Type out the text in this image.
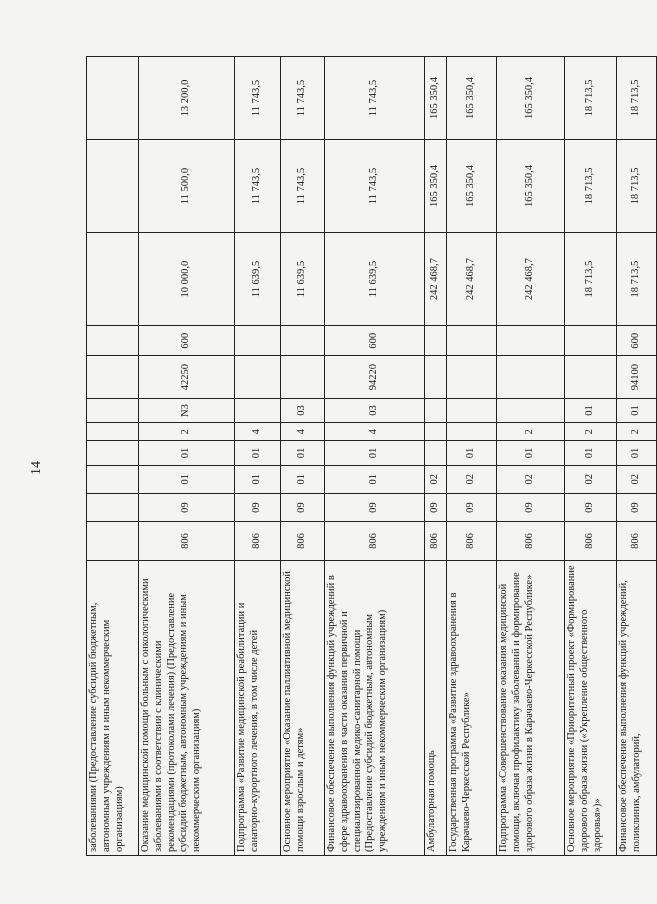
14
заболеваниями (Предоставление субсидий бюджетным, автономным учреждениям и иным некоммерческим организациям)											
Оказание медицинской помощи больным с онкологическими заболеваниями в соответствии с клиническими рекомендациями (протоколами лечения) (Предоставление субсидий бюджетным, автономным учреждениям и иным некоммерческим организациям)	806	09	01	01	2	N3	42250	600	10 000,0	11 500,0	13 200,0
Подпрограмма «Развитие медицинской реабилитации и санаторно-курортного лечения, в том числе детей	806	09	01	01	4				11 639,5	11 743,5	11 743,5
Основное мероприятие «Оказание паллиативной медицинской помощи взрослым и детям»	806	09	01	01	4	03			11 639,5	11 743,5	11 743,5
Финансовое обеспечение выполнения функций учреждений в сфере здравоохранения в части оказания первичной и специализированной медико-санитарной помощи (Предоставление субсидий бюджетным, автономным учреждениям и иным некоммерческим организациям)	806	09	01	01	4	03	94220	600	11 639,5	11 743,5	11 743,5
Амбулаторная помощь	806	09	02						242 468,7	165 350,4	165 350,4
Государственная программа «Развитие здравоохранения в Карачаево-Черкесской Республике»	806	09	02	01					242 468,7	165 350,4	165 350,4
Подпрограмма «Совершенствование оказания медицинской помощи, включая профилактику заболеваний и формирование здорового образа жизни в Карачаево-Черкесской Республике»	806	09	02	01	2				242 468,7	165 350,4	165 350,4
Основное мероприятие «Приоритетный проект «Формирование здорового образа жизни («Укрепление общественного здоровья»)»	806	09	02	01	2	01			18 713,5	18 713,5	18 713,5
Финансовое обеспечение выполнения функций учреждений, поликлиник, амбулаторий,	806	09	02	01	2	01	94100	600	18 713,5	18 713,5	18 713,5
